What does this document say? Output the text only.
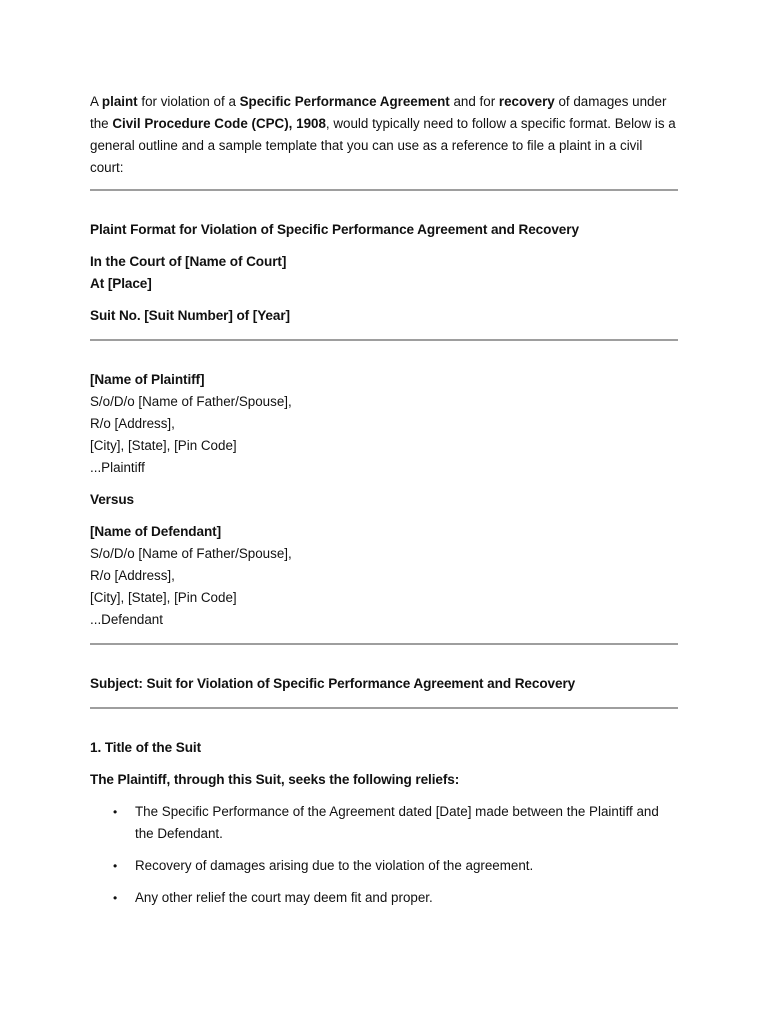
A plaint for violation of a Specific Performance Agreement and for recovery of damages under the Civil Procedure Code (CPC), 1908, would typically need to follow a specific format. Below is a general outline and a sample template that you can use as a reference to file a plaint in a civil court:

Plaint Format for Violation of Specific Performance Agreement and Recovery

In the Court of [Name of Court]

At [Place]

Suit No. [Suit Number] of [Year]

[Name of Plaintiff]

S/o/D/o [Name of Father/Spouse],

R/o [Address],

[City], [State], [Pin Code]

...Plaintiff

Versus

[Name of Defendant]

S/o/D/o [Name of Father/Spouse],

R/o [Address],

[City], [State], [Pin Code]

...Defendant

Subject: Suit for Violation of Specific Performance Agreement and Recovery

1. Title of the Suit

The Plaintiff, through this Suit, seeks the following reliefs:

• The Specific Performance of the Agreement dated [Date] made between the Plaintiff and the Defendant.
• Recovery of damages arising due to the violation of the agreement.
• Any other relief the court may deem fit and proper.
